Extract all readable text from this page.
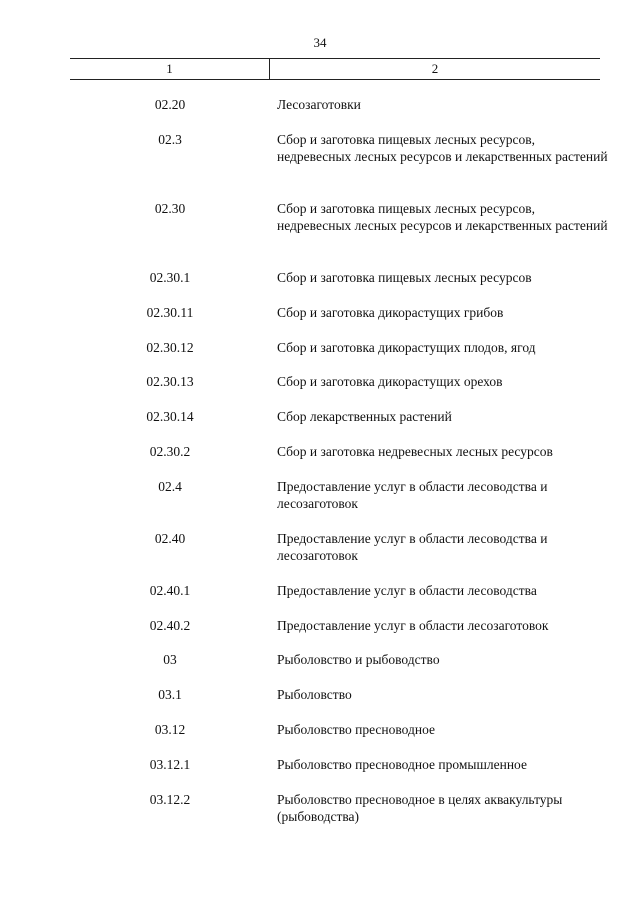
34
1	2
02.20	Лесозаготовки
02.3	Сбор и заготовка пищевых лесных ресурсов, недревесных лесных ресурсов и лекарственных растений
02.30	Сбор и заготовка пищевых лесных ресурсов, недревесных лесных ресурсов и лекарственных растений
02.30.1	Сбор и заготовка пищевых лесных ресурсов
02.30.11	Сбор и заготовка дикорастущих грибов
02.30.12	Сбор и заготовка дикорастущих плодов, ягод
02.30.13	Сбор и заготовка дикорастущих орехов
02.30.14	Сбор лекарственных растений
02.30.2	Сбор и заготовка недревесных лесных ресурсов
02.4	Предоставление услуг в области лесоводства и лесозаготовок
02.40	Предоставление услуг в области лесоводства и лесозаготовок
02.40.1	Предоставление услуг в области лесоводства
02.40.2	Предоставление услуг в области лесозаготовок
03	Рыболовство и рыбоводство
03.1	Рыболовство
03.12	Рыболовство пресноводное
03.12.1	Рыболовство пресноводное промышленное
03.12.2	Рыболовство пресноводное в целях аквакультуры (рыбоводства)
